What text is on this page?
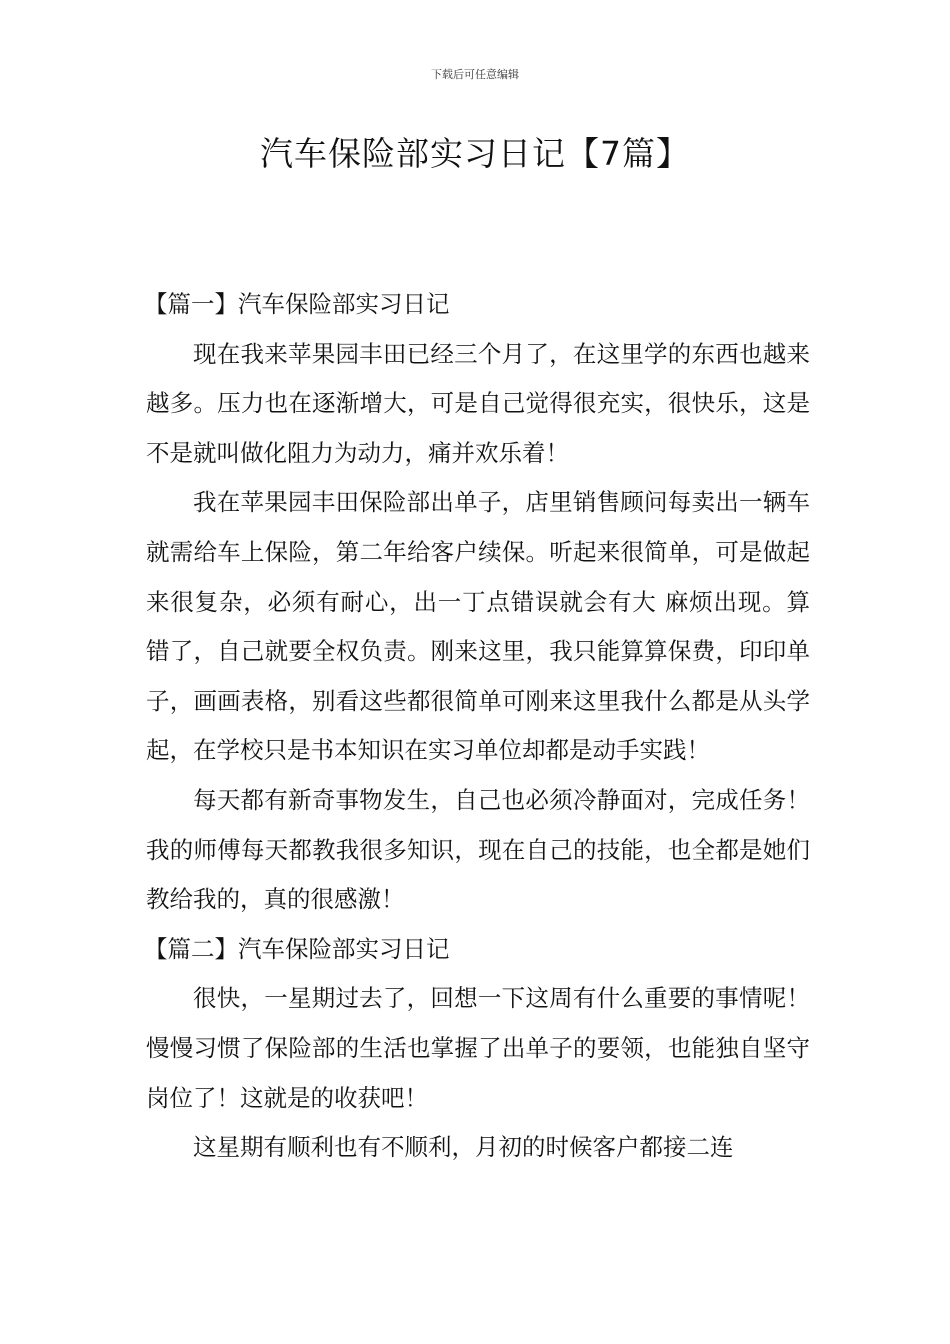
下载后可任意编辑
汽车保险部实习日记【7篇】
【篇一】汽车保险部实习日记

现在我来苹果园丰田已经三个月了，在这里学的东西也越来越多。压力也在逐渐增大，可是自己觉得很充实，很快乐，这是不是就叫做化阻力为动力，痛并欢乐着！

我在苹果园丰田保险部出单子，店里销售顾问每卖出一辆车就需给车上保险，第二年给客户续保。听起来很简单，可是做起来很复杂，必须有耐心，出一丁点错误就会有大 麻烦出现。算错了，自己就要全权负责。刚来这里，我只能算算保费，印印单子，画画表格，别看这些都很简单可刚来这里我什么都是从头学起，在学校只是书本知识在实习单位却都是动手实践！

每天都有新奇事物发生，自己也必须冷静面对，完成任务！我的师傅每天都教我很多知识，现在自己的技能，也全都是她们教给我的，真的很感激！

【篇二】汽车保险部实习日记

很快，一星期过去了，回想一下这周有什么重要的事情呢！慢慢习惯了保险部的生活也掌握了出单子的要领，也能独自坚守岗位了！这就是的收获吧！

这星期有顺利也有不顺利，月初的时候客户都接二连
